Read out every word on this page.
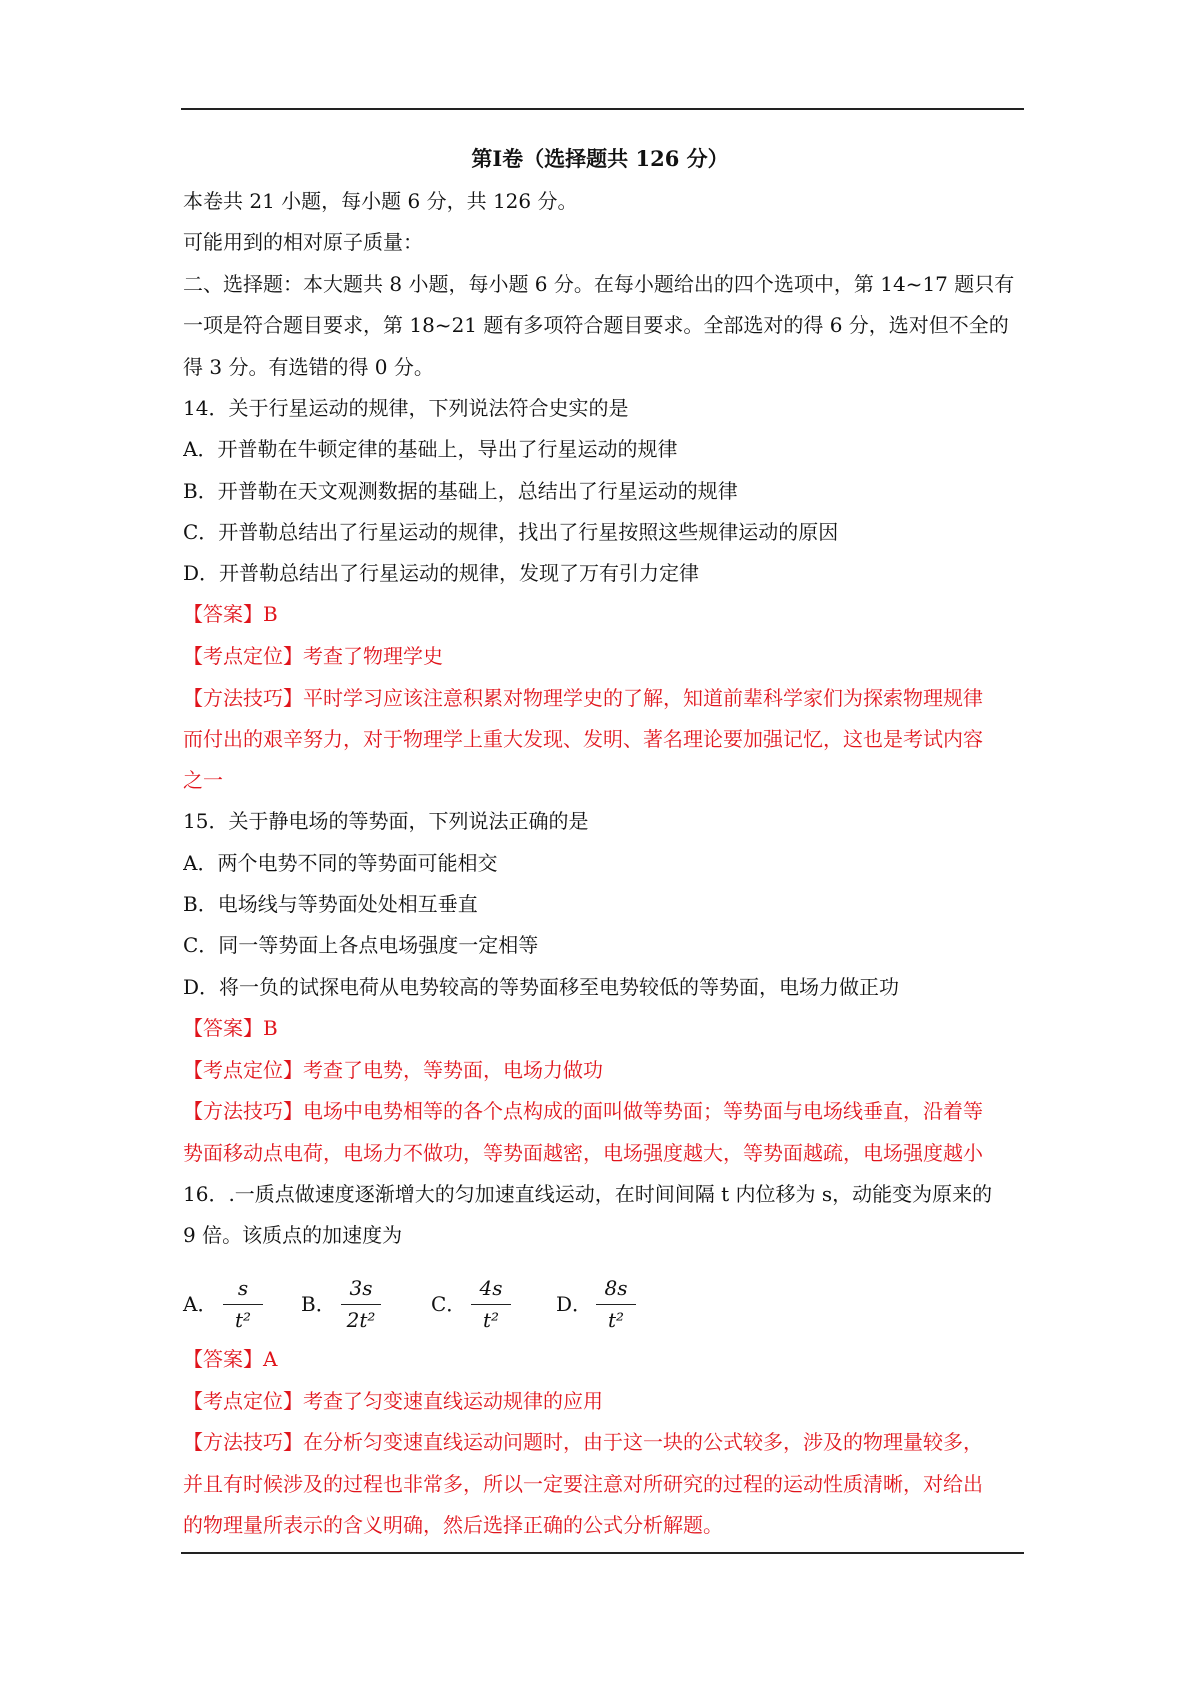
第Ⅰ卷（选择题共 126 分）
本卷共 21 小题，每小题 6 分，共 126 分。
可能用到的相对原子质量：
二、选择题：本大题共 8 小题，每小题 6 分。在每小题给出的四个选项中，第 14~17 题只有
一项是符合题目要求，第 18~21 题有多项符合题目要求。全部选对的得 6 分，选对但不全的
得 3 分。有选错的得 0 分。
14．关于行星运动的规律，下列说法符合史实的是
A．开普勒在牛顿定律的基础上，导出了行星运动的规律
B．开普勒在天文观测数据的基础上，总结出了行星运动的规律
C．开普勒总结出了行星运动的规律，找出了行星按照这些规律运动的原因
D．开普勒总结出了行星运动的规律，发现了万有引力定律
【答案】B
【考点定位】考查了物理学史
【方法技巧】平时学习应该注意积累对物理学史的了解，知道前辈科学家们为探索物理规律
而付出的艰辛努力，对于物理学上重大发现、发明、著名理论要加强记忆，这也是考试内容
之一
15．关于静电场的等势面，下列说法正确的是
A．两个电势不同的等势面可能相交
B．电场线与等势面处处相互垂直
C．同一等势面上各点电场强度一定相等
D．将一负的试探电荷从电势较高的等势面移至电势较低的等势面，电场力做正功
【答案】B
【考点定位】考查了电势，等势面，电场力做功
【方法技巧】电场中电势相等的各个点构成的面叫做等势面；等势面与电场线垂直，沿着等
势面移动点电荷，电场力不做功，等势面越密，电场强度越大，等势面越疏，电场强度越小
16．.一质点做速度逐渐增大的匀加速直线运动，在时间间隔 t 内位移为 s，动能变为原来的
9 倍。该质点的加速度为
A．
s
t²
B．
3s
2t²
C．
4s
t²
D．
8s
t²
【答案】A
【考点定位】考查了匀变速直线运动规律的应用
【方法技巧】在分析匀变速直线运动问题时，由于这一块的公式较多，涉及的物理量较多，
并且有时候涉及的过程也非常多，所以一定要注意对所研究的过程的运动性质清晰，对给出
的物理量所表示的含义明确，然后选择正确的公式分析解题。
